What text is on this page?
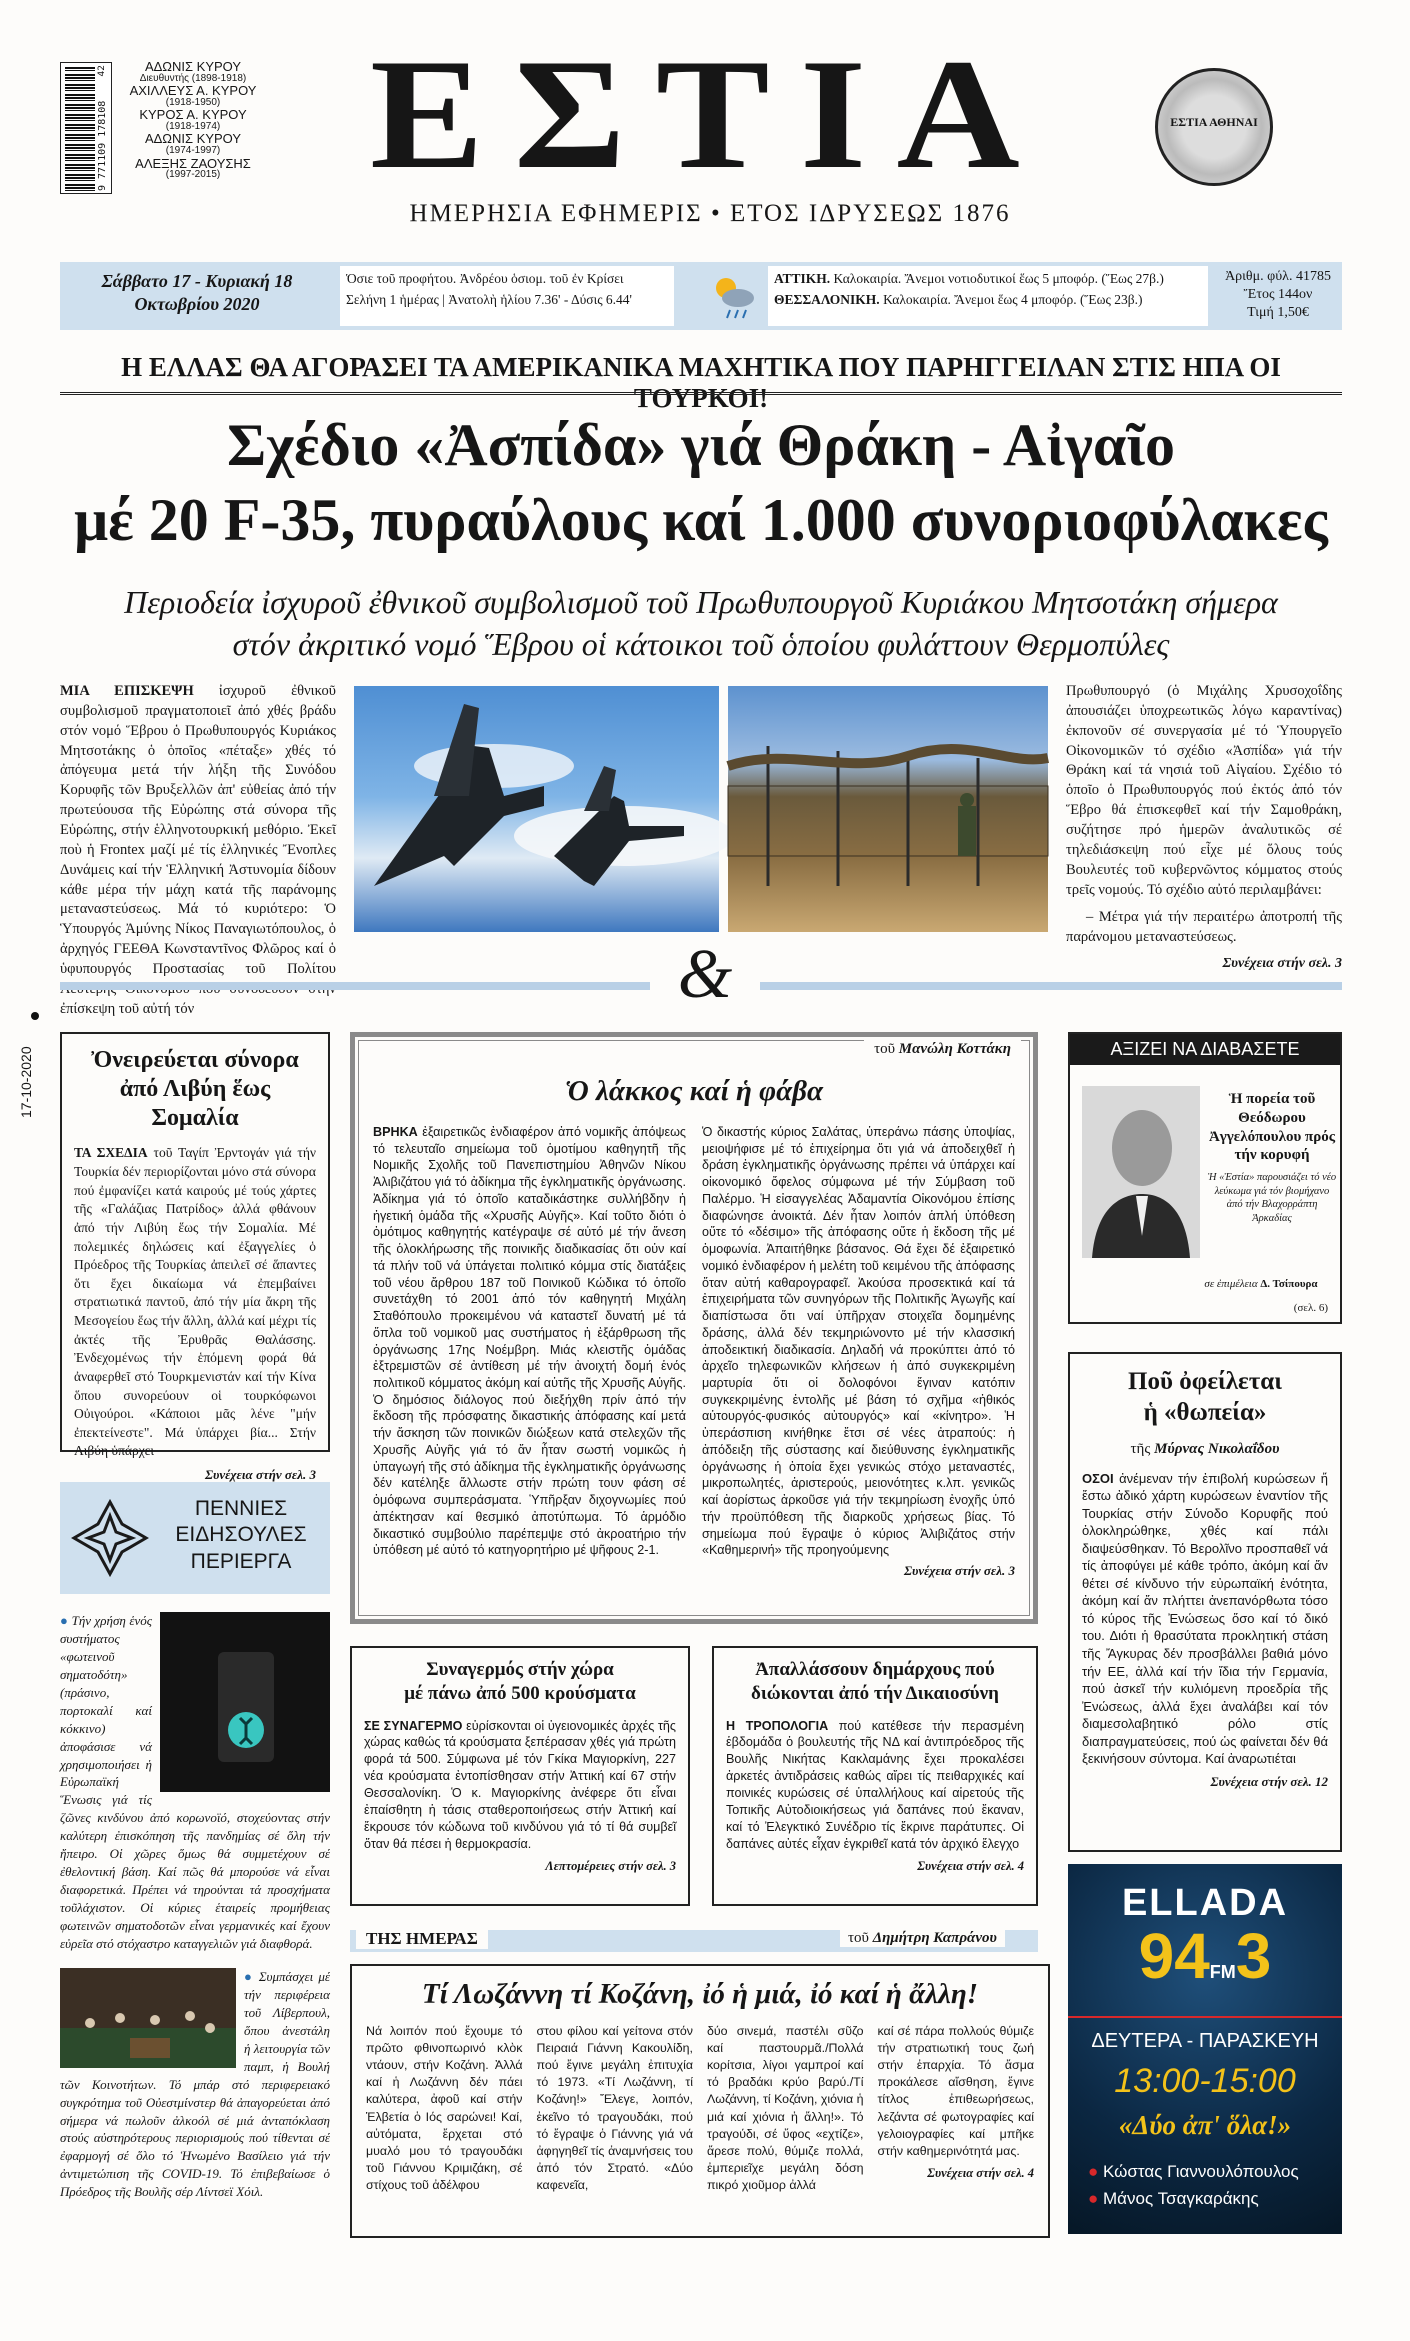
9 771109 178108
42	ΑΔΩΝΙΣ ΚΥΡΟΥ
Διευθυντής (1898-1918)
ΑΧΙΛΛΕΥΣ Α. ΚΥΡΟΥ
(1918-1950)
ΚΥΡΟΣ Α. ΚΥΡΟΥ
(1918-1974)
ΑΔΩΝΙΣ ΚΥΡΟΥ
(1974-1997)
ΑΛΕΞΗΣ ΖΑΟΥΣΗΣ
(1997-2015) ΕΣΤΙΑ
ΗΜΕΡΗΣΙΑ ΕΦΗΜΕΡΙΣ • ΕΤΟΣ ΙΔΡΥΣΕΩΣ 1876
ΕΣΤΙΑ ΑΘΗΝΑΙ
Σάββατο 17 - Κυριακή 18
Οκτωβρίου 2020
Ὁσιε τοῦ προφήτου. Ἀνδρέου ὁσιομ. τοῦ ἐν Κρίσει
Σελήνη 1 ἡμέρας | Ἀνατολὴ ἡλίου 7.36' - Δύσις 6.44'
ΑΤΤΙΚΗ. Καλοκαιρία. Ἄνεμοι νοτιοδυτικοί ἕως 5 μποφόρ. (Ἕως 27β.)
ΘΕΣΣΑΛΟΝΙΚΗ. Καλοκαιρία. Ἄνεμοι ἕως 4 μποφόρ. (Ἕως 23β.)
Ἀριθμ. φύλ. 41785
Ἔτος 144ον
Τιμή 1,50€
Η ΕΛΛΑΣ ΘΑ ΑΓΟΡΑΣΕΙ ΤΑ ΑΜΕΡΙΚΑΝΙΚΑ ΜΑΧΗΤΙΚΑ ΠΟΥ ΠΑΡΗΓΓΕΙΛΑΝ ΣΤΙΣ ΗΠΑ ΟΙ ΤΟΥΡΚΟΙ!
Σχέδιο «Ἀσπίδα» γιά Θράκη - Αἰγαῖο
μέ 20 F-35, πυραύλους καί 1.000 συνοριοφύλακες
Περιοδεία ἰσχυροῦ ἐθνικοῦ συμβολισμοῦ τοῦ Πρωθυπουργοῦ Κυριάκου Μητσοτάκη σήμερα
στόν ἀκριτικό νομό Ἕβρου οἱ κάτοικοι τοῦ ὁποίου φυλάττουν Θερμοπύλες

ΜΙΑ ΕΠΙΣΚΕΨΗ ἰσχυροῦ ἐθνικοῦ συμβολισμοῦ πραγματοποιεῖ ἀπό χθές βράδυ στόν νομό Ἕβρου ὁ Πρωθυπουργός Κυριάκος Μητσοτάκης ὁ ὁποῖος «πέταξε» χθές τό ἀπόγευμα μετά τήν λήξη τῆς Συνόδου Κορυφῆς τῶν Βρυξελλῶν ἀπ' εὐθείας ἀπό τήν πρωτεύουσα τῆς Εὐρώπης στά σύνορα τῆς Εὐρώπης, στήν ἑλληνοτουρκική μεθόριο. Ἐκεῖ ποὺ ἡ Frontex μαζί μέ τίς ἑλληνικές Ἔνοπλες Δυνάμεις καί τήν Ἑλληνική Ἀστυνομία δίδουν κάθε μέρα τήν μάχη κατά τῆς παράνομης μεταναστεύσεως. Μά τό κυριότερο: Ὁ Ὑπουργός Ἀμύνης Νίκος Παναγιωτόπουλος, ὁ ἀρχηγός ΓΕΕΘΑ Κωνσταντῖνος Φλῶρος καί ὁ ὑφυπουργός Προστασίας τοῦ Πολίτου ἐπίσκεψη τοῦ αὐτή τόν

Πρωθυπουργό (ὁ Μιχάλης Χρυσοχοΐδης ἀπουσιάζει ὑποχρεωτικῶς λόγω καραντίνας) ἐκπονοῦν σέ συνεργασία μέ τό Ὑπουργεῖο Οἰκονομικῶν τό σχέδιο «Ἀσπίδα» γιά τήν Θράκη καί τά νησιά τοῦ Αἰγαίου. Σχέδιο τό ὁποῖο ὁ Πρωθυπουργός πού ἐκτός ἀπό τόν Ἕβρο θά ἐπισκεφθεῖ καί τήν Σαμοθράκη, συζήτησε πρό ἡμερῶν ἀναλυτικῶς σέ τηλεδιάσκεψη πού εἶχε μέ ὅλους τούς Βουλευτές τοῦ κυβερνῶντος κόμματος στούς τρεῖς νομούς. Τό σχέδιο αὐτό περιλαμβάνει:

– Μέτρα γιά τήν περαιτέρω ἀποτροπή τῆς παράνομου μεταναστεύσεως.

Συνέχεια στήν σελ. 3

&
Ὀνειρεύεται σύνορα ἀπό Λιβύη ἕως Σομαλία

ΤΑ ΣΧΕΔΙΑ τοῦ Ταγίπ Ἐρντογάν γιά τήν Τουρκία δέν περιορίζονται μόνο στά σύνορα πού ἐμφανίζει κατά καιρούς μέ τούς χάρτες τῆς «Γαλάζιας Πατρίδος» ἀλλά φθάνουν ἀπό τήν Λιβύη ἕως τήν Σομαλία. Μέ πολεμικές δηλώσεις καί ἐξαγγελίες ὁ Πρόεδρος τῆς Τουρκίας ἀπειλεῖ σέ ἅπαντες ὅτι ἔχει δικαίωμα νά ἐπεμβαίνει στρατιωτικά παντοῦ, ἀπό τήν μία ἄκρη τῆς Μεσογείου ἕως τήν ἄλλη, ἀλλά καί μέχρι τίς ἀκτές τῆς Ἐρυθρᾶς Θαλάσσης. Ἐνδεχομένως τήν ἑπόμενη φορά θά ἀναφερθεῖ στό Τουρκμενιστάν καί τήν Κίνα ὅπου συνορεύουν οἱ τουρκόφωνοι Οὐιγούροι. «Κάποιοι μᾶς λένε "μήν ἐπεκτείνεστε". Μά ὑπάρχει βία... Στήν Λιβύη ὑπάρχει

Συνέχεια στήν σελ. 3

17-10-2020
ΠΕΝΝΙΕΣ
ΕΙΔΗΣΟΥΛΕΣ
ΠΕΡΙΕΡΓΑ

● Τήν χρήση ἑνός συστήματος «φωτεινοῦ σηματοδότη» (πράσινο, πορτοκαλί καί κόκκινο) ἀποφάσισε νά χρησιμοποιήσει ἡ Εὐρωπαϊκή Ἕνωσις γιά τίς ζῶνες κινδύνου ἀπό κορωνοϊό, στοχεύοντας στήν καλύτερη ἐπισκόπηση τῆς πανδημίας σέ ὅλη τήν ἤπειρο. Οἱ χῶρες ὅμως θά συμμετέχουν σέ ἐθελοντική βάση. Καί πῶς θά μπορούσε νά εἶναι διαφορετικά. Πρέπει νά τηρούνται τά προσχήματα τοῦλάχιστον. Οἱ κύριες ἑταιρείς προμήθειας φωτεινῶν σηματοδοτῶν εἶναι γερμανικές καί ἔχουν εὐρεῖα στό στόχαστρο καταγγελιῶν γιά διαφθορά.

● Συμπάσχει μέ τήν περιφέρεια τοῦ Λίβερπουλ, ὅπου ἀνεστάλη ἡ λειτουργία τῶν παμπ, ἡ Βουλή τῶν Κοινοτήτων. Τό μπάρ στό περιφερειακό συγκρότημα τοῦ Οὐεστμίνστερ θά ἀπαγορεύεται ἀπό σήμερα νά πωλοῦν ἀλκοόλ σέ μιά ἀνταπόκλαση στούς αὐστηρότερους περιορισμούς πού τίθενται σέ ἐφαρμογή σέ ὅλο τό Ἡνωμένο Βασίλειο γιά τήν ἀντιμετώπιση τῆς COVID-19. Τό ἐπιβεβαίωσε ὁ Πρόεδρος τῆς Βουλῆς σέρ Λίντσεϊ Χόιλ.

τοῦ Μανώλη Κοττάκη
Ὁ λάκκος καί ἡ φάβα

ΒΡΗΚΑ ἐξαιρετικῶς ἐνδιαφέρον ἀπό νομικῆς ἀπόψεως τό τελευταῖο σημείωμα τοῦ ὁμοτίμου καθηγητῆ τῆς Νομικῆς Σχολῆς τοῦ Πανεπιστημίου Ἀθηνῶν Νίκου Ἀλιβιζάτου γιά τό ἀδίκημα τῆς ἐγκληματικῆς ὀργάνωσης. Ἀδίκημα γιά τό ὁποῖο καταδικάστηκε συλλήβδην ἡ ἡγετική ὁμάδα τῆς «Χρυσῆς Αὐγῆς». Καί τοῦτο διότι ὁ ὁμότιμος καθηγητής κατέγραψε σέ αὐτό μέ τήν ἄνεση τῆς ὁλοκλήρωσης τῆς ποινικῆς διαδικασίας ὅτι οὐν καί τά πλήν τοῦ νά ὑπάγεται πολιτικό κόμμα στίς διατάξεις τοῦ νέου ἄρθρου 187 τοῦ Ποινικοῦ Κώδικα τό ὁποῖο συνετάχθη τό 2001 ἀπό τόν καθηγητή Μιχάλη Σταθόπουλο προκειμένου νά καταστεῖ δυνατή μέ τά ὅπλα τοῦ νομικοῦ μας συστήματος ἡ ἐξάρθρωση τῆς ὀργάνωσης 17ης Νοέμβρη. Μιάς κλειστῆς ὁμάδας ἐξτρεμιστῶν σέ ἀντίθεση μέ τήν ἀνοιχτή δομή ἑνός πολιτικοῦ κόμματος ἀκόμη καί αὐτῆς τῆς Χρυσῆς Αὐγῆς. Ὁ δημόσιος διάλογος πού διεξήχθη πρίν ἀπό τήν ἔκδοση τῆς πρόσφατης δικαστικής ἀπόφασης καί μετά τήν ἄσκηση τῶν ποινικῶν διώξεων κατά στελεχῶν τῆς Χρυσῆς Αὐγῆς γιά τό ἄν ἦταν σωστή νομικῶς ἡ ὑπαγωγή τῆς στό ἀδίκημα τῆς ἐγκληματικῆς ὀργάνωσης δέν κατέληξε ἄλλωστε στήν πρώτη τουν φάση σέ ὁμόφωνα συμπεράσματα. Ὑπῆρξαν διχογνωμίες πού ἀπέκτησαν καί θεσμικό ἀποτύπωμα. Τό ἁρμόδιο δικαστικό συμβούλιο παρέπεμψε στό ἀκροατήριο τήν ὑπόθεση μέ αὐτό τό κατηγορητήριο μέ ψῆφους 2-1.

Ὁ δικαστής κύριος Σαλάτας, ὑπεράνω πάσης ὑποψίας, μειοψήφισε μέ τό ἐπιχείρημα ὅτι γιά νά ἀποδειχθεῖ ἡ δράση ἐγκληματικῆς ὀργάνωσης πρέπει νά ὑπάρχει καί οἰκονομικό ὄφελος σύμφωνα μέ τήν Σύμβαση τοῦ Παλέρμο. Ἡ εἰσαγγελέας Ἀδαμαντία Οἰκονόμου ἐπίσης διαφώνησε ἀνοικτά. Δέν ἦταν λοιπόν ἁπλή ὑπόθεση οὔτε τό «δέσιμο» τῆς ἀπόφασης οὔτε ἡ ἔκδοση τῆς μέ ὁμοφωνία. Ἀπαιτήθηκε βάσανος. Θά ἔχει δέ ἐξαιρετικό νομικό ἐνδιαφέρον ἡ μελέτη τοῦ κειμένου τῆς ἀπόφασης ὅταν αὐτή καθαρογραφεῖ. Ἀκούσα προσεκτικά καί τά ἐπιχειρήματα τῶν συνηγόρων τῆς Πολιτικῆς Ἀγωγῆς καί διαπίστωσα ὅτι ναί ὑπῆρχαν στοιχεῖα δομημένης δράσης, ἀλλά δέν τεκμηριώνοντο μέ τήν κλασσική ἀποδεικτική διαδικασία. Δηλαδή νά προκύπτει ἀπό τό ἀρχεῖο τηλεφωνικῶν κλήσεων ἡ ἀπό συγκεκριμένη μαρτυρία ὅτι οἱ δολοφόνοι ἔγιναν κατόπιν συγκεκριμένης ἐντολῆς μέ βάση τό σχῆμα «ἠθικός αὐτουργός-φυσικός αὐτουργός» καί «κίνητρο». Ἡ ὑπεράσπιση κινήθηκε ἔτσι σέ νέες ἀτραπούς: ἡ ἀπόδειξη τῆς σύστασης καί διεύθυνσης ἐγκληματικῆς ὀργάνωσης ἡ ὁποία ἔχει γενικώς στόχο μεταναστές, μικροπωλητές, ἀριστερούς, μειονότητες κ.λπ. γενικῶς καί ἀορίστως ἀρκοῦσε γιά τήν τεκμηρίωση ἐνοχῆς ὑπό τήν προϋπόθεση τῆς διαρκοῦς χρήσεως βίας. Τό σημείωμα πού ἔγραψε ὁ κύριος Ἀλιβιζάτος στήν «Καθημερινή» τῆς προηγούμενης

Συνέχεια στήν σελ. 3

ΑΞΙΖΕΙ ΝΑ ΔΙΑΒΑΣΕΤΕ
Ἡ πορεία τοῦ Θεόδωρου Ἀγγελόπουλου πρός τήν κορυφή
Ἡ «Ἑστία» παρουσιάζει τό νέο λεύκωμα γιά τόν βιομήχανο ἀπό τήν Βλαχορράπτη Ἀρκαδίας
σε ἐπιμέλεια Δ. Τσίπουρα
(σελ. 6)
Ποῦ ὀφείλεται
ἡ «θωπεία»
τῆς Μύρνας Νικολαΐδου

ΟΣΟΙ ἀνέμεναν τήν ἐπιβολή κυρώσεων ἤ ἔστω ἀδικό χάρτη κυρώσεων ἐναντίον τῆς Τουρκίας στήν Σύνοδο Κορυφῆς πού ὁλοκληρώθηκε, χθές καί πάλι διαψεύσθηκαν. Τό Βερολῖνο προσπαθεῖ νά τίς ἀποφύγει μέ κάθε τρόπο, ἀκόμη καί ἄν θέτει σέ κίνδυνο τήν εὐρωπαϊκή ἑνότητα, ἀκόμη καί ἄν πλήττει ἀνεπανόρθωτα τόσο τό κύρος τῆς Ἐνώσεως ὅσο καί τό δικό του. Διότι ἡ θρασύτατα προκλητική στάση τῆς Ἄγκυρας δέν προσβάλλει βαθιά μόνο τήν ΕΕ, ἀλλά καί τήν ἴδια τήν Γερμανία, πού ἀσκεῖ τήν κυλιόμενη προεδρία τῆς Ἐνώσεως, ἀλλά ἔχει ἀναλάβει καί τόν διαμεσολαβητικό ρόλο στίς διαπραγματεύσεις, πού ὡς φαίνεται δέν θά ξεκινήσουν σύντομα. Καί ἀναρωτιέται

Συνέχεια στήν σελ. 12

Συναγερμός στήν χώρα
μέ πάνω ἀπό 500 κρούσματα

ΣΕ ΣΥΝΑΓΕΡΜΟ εὑρίσκονται οἱ ὑγειονομικές ἀρχές τῆς χώρας καθώς τά κρούσματα ξεπέρασαν χθές γιά πρώτη φορά τά 500. Σύμφωνα μέ τόν Γκίκα Μαγιορκίνη, 227 νέα κρούσματα ἐντοπίσθησαν στήν Ἀττική καί 67 στήν Θεσσαλονίκη. Ὁ κ. Μαγιορκίνης ἀνέφερε ὅτι εἶναι ἐπαίσθητη ἡ τάσις σταθεροποιήσεως στήν Ἀττική καί ἔκρουσε τόν κώδωνα τοῦ κινδύνου γιά τό τί θά συμβεῖ ὅταν θά πέσει ἡ θερμοκρασία.

Λεπτομέρειες στήν σελ. 3

Ἀπαλλάσσουν δημάρχους πού
διώκονται ἀπό τήν Δικαιοσύνη

Η ΤΡΟΠΟΛΟΓΙΑ πού κατέθεσε τήν περασμένη ἑβδομάδα ὁ βουλευτής τῆς ΝΔ καί ἀντιπρόεδρος τῆς Βουλῆς Νικήτας Κακλαμάνης ἔχει προκαλέσει ἀρκετές ἀντιδράσεις καθώς αἴρει τίς πειθαρχικές καί ποινικές κυρώσεις σέ ὑπαλλήλους καί αἱρετούς τῆς Τοπικῆς Αὐτοδιοικήσεως γιά δαπάνες πού ἔκαναν, καί τό Ἐλεγκτικό Συνέδριο τίς ἔκρινε παράτυπες. Οἱ δαπάνες αὐτές εἶχαν ἐγκριθεῖ κατά τόν ἀρχικό ἔλεγχο

Συνέχεια στήν σελ. 4

ΤΗΣ ΗΜΕΡΑΣ	τοῦ Δημήτρη Καπράνου
Τί Λωζάννη τί Κοζάνη, ἰό ἡ μιά, ἰό καί ἡ ἄλλη!

Νά λοιπόν πού ἔχουμε τό πρῶτο φθινοπωρινό κλὸκ ντάουν, στήν Κοζάνη. Ἀλλά καί ἡ Λωζάννη δέν πάει καλύτερα, ἀφοῦ καί στήν Ἑλβετία ὁ Ιός σαρώνει! Καί, αὐτόματα, ἔρχεται στό μυαλό μου τό τραγουδάκι τοῦ Γιάννου Κριμιζάκη, σέ στίχους τοῦ ἀδέλφου

στου φίλου καί γείτονα στόν Πειραιά Γιάννη Κακουλίδη, πού ἔγινε μεγάλη ἐπιτυχία τό 1973. «Τί Λωζάννη, τί Κοζάνη!» Ἔλεγε, λοιπόν, ἐκεῖνο τό τραγουδάκι, πού τό ἔγραψε ὁ Γιάννης γιά νά ἀφηγηθεῖ τίς ἀναμνήσεις του ἀπό τόν Στρατό. «Δύο καφενεῖα,

δύο σινεμά, παστέλι σῦζο καί παστουρμᾶ./Πολλά κορίτσια, λίγοι γαμπροί καί τό βραδάκι κρύο βαρύ./Τί Λωζάννη, τί Κοζάνη, χιόνια ἡ μιά καί χιόνια ἡ ἄλλη!». Τό τραγούδι, σέ ὕφος «εχτίζε», ἄρεσε πολύ, θύμιζε πολλά, ἐμπεριεῖχε μεγάλη δόση πικρό χιοῦμορ ἀλλά

καί σέ πάρα πολλούς θύμιζε τήν στρατιωτική τους ζωή στήν ἐπαρχία. Τό ἄσμα προκάλεσε αἴσθηση, ἔγινε τίτλος ἐπιθεωρήσεως, λεζάντα σέ φωτογραφίες καί γελοιογραφίες καί μπῆκε στήν καθημερινότητά μας.

Συνέχεια στήν σελ. 4

ELLADA
94FM3
ΔΕΥΤΕΡΑ - ΠΑΡΑΣΚΕΥΗ
13:00-15:00
«Δύο ἀπ' ὅλα!»
● Κώστας Γιαννουλόπουλος
● Μάνος Τσαγκαράκης
